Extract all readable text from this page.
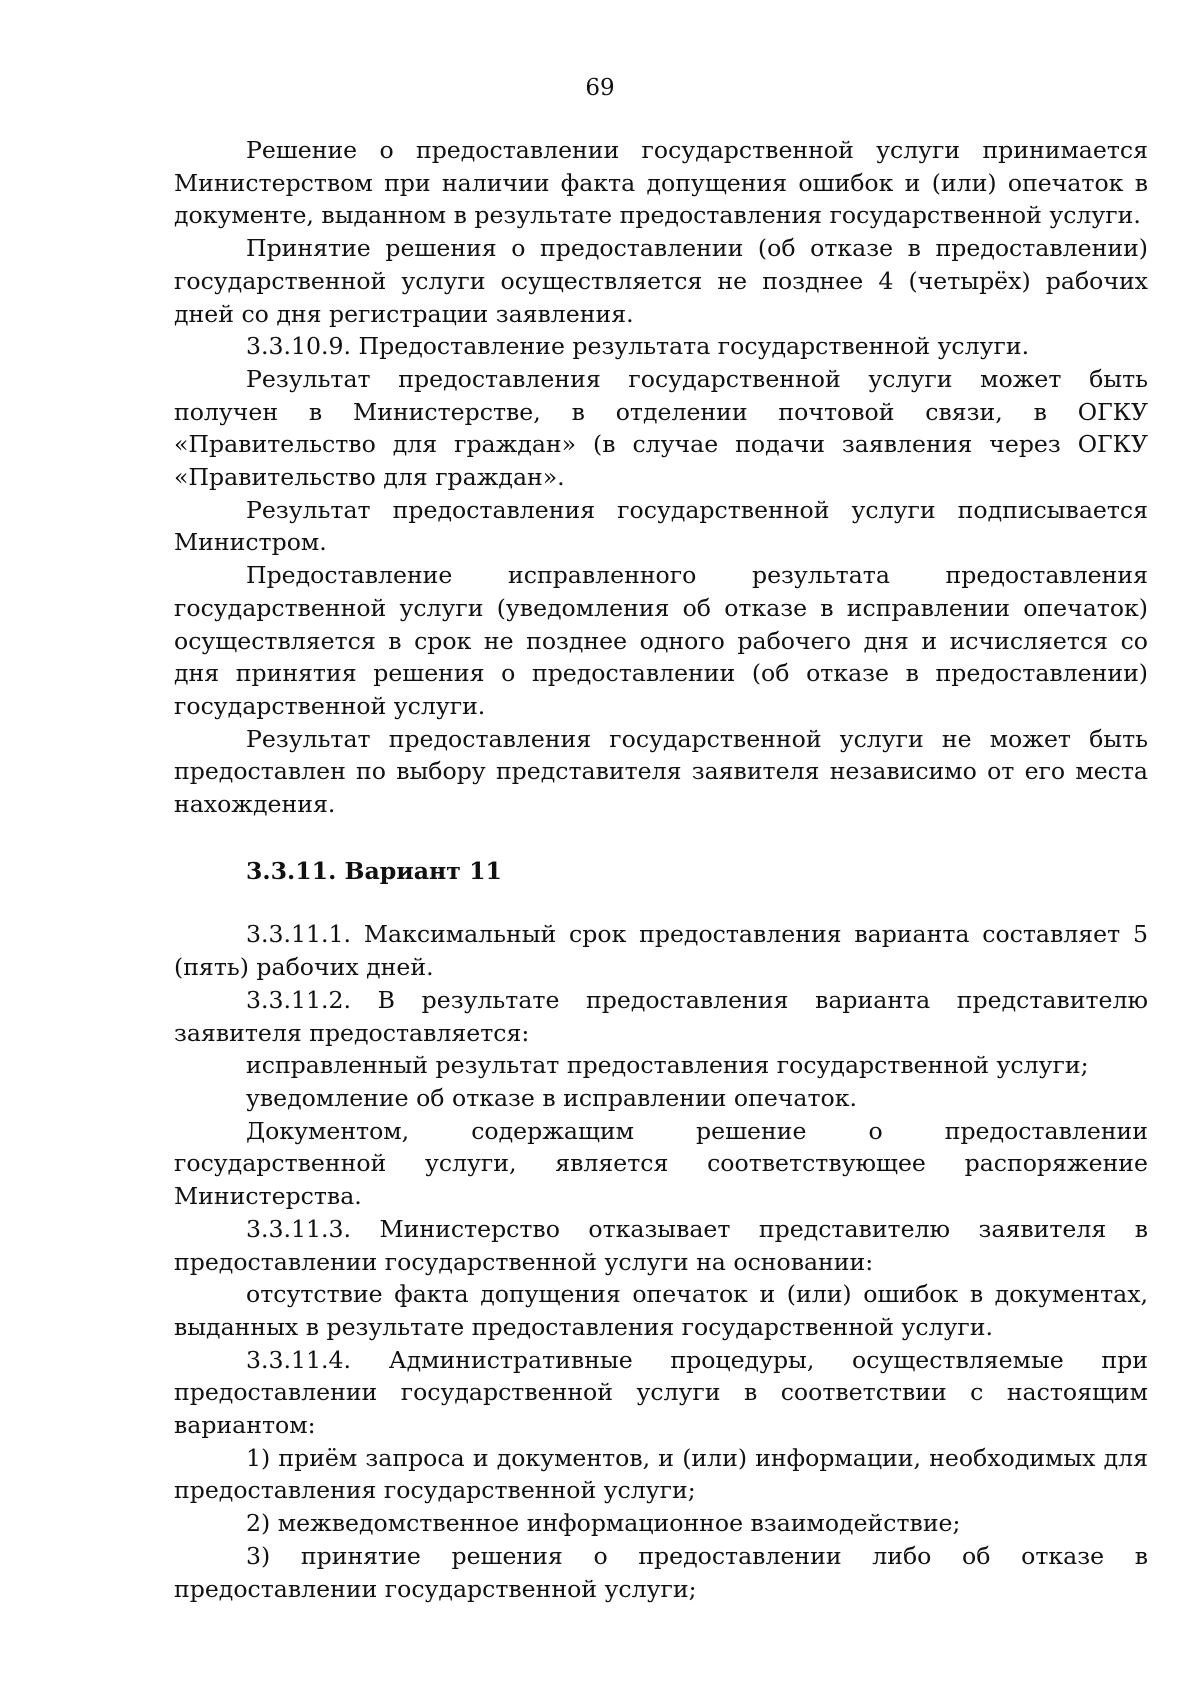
69

Решение о предоставлении государственной услуги принимается Министерством при наличии факта допущения ошибок и (или) опечаток в документе, выданном в результате предоставления государственной услуги.

Принятие решения о предоставлении (об отказе в предоставлении) государственной услуги осуществляется не позднее 4 (четырёх) рабочих дней со дня регистрации заявления.

3.3.10.9. Предоставление результата государственной услуги.

Результат предоставления государственной услуги может быть получен в Министерстве, в отделении почтовой связи, в ОГКУ «Правительство для граждан» (в случае подачи заявления через ОГКУ «Правительство для граждан».

Результат предоставления государственной услуги подписывается Министром.

Предоставление исправленного результата предоставления государственной услуги (уведомления об отказе в исправлении опечаток) осуществляется в срок не позднее одного рабочего дня и исчисляется со дня принятия решения о предоставлении (об отказе в предоставлении) государственной услуги.

Результат предоставления государственной услуги не может быть предоставлен по выбору представителя заявителя независимо от его места нахождения.

3.3.11. Вариант 11

3.3.11.1. Максимальный срок предоставления варианта составляет 5 (пять) рабочих дней.

3.3.11.2. В результате предоставления варианта представителю заявителя предоставляется:

исправленный результат предоставления государственной услуги;

уведомление об отказе в исправлении опечаток.

Документом, содержащим решение о предоставлении государственной услуги, является соответствующее распоряжение Министерства.

3.3.11.3. Министерство отказывает представителю заявителя в предоставлении государственной услуги на основании:

отсутствие факта допущения опечаток и (или) ошибок в документах, выданных в результате предоставления государственной услуги.

3.3.11.4. Административные процедуры, осуществляемые при предоставлении государственной услуги в соответствии с настоящим вариантом:

1) приём запроса и документов, и (или) информации, необходимых для предоставления государственной услуги;

2) межведомственное информационное взаимодействие;

3) принятие решения о предоставлении либо об отказе в предоставлении государственной услуги;
